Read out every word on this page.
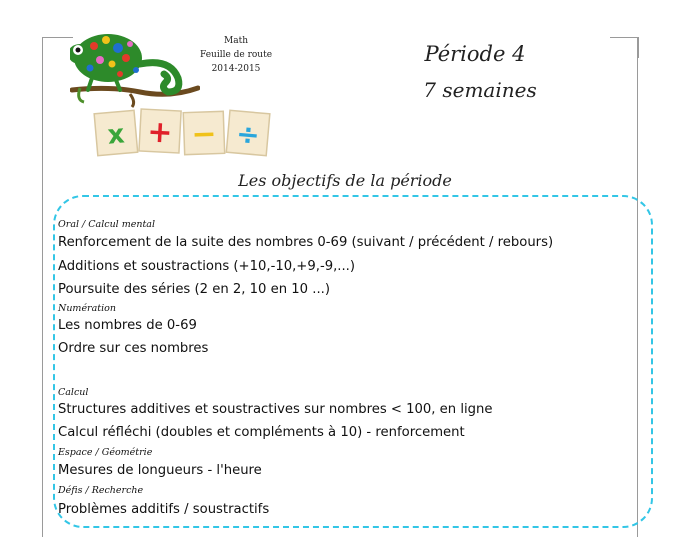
Math
Feuille de route
2014-2015
Période 4
7 semaines
x + − ÷
Les objectifs de la période
Oral / Calcul mental
Renforcement de la suite des nombres 0-69 (suivant / précédent / rebours)
Additions et soustractions (+10,-10,+9,-9,...)
Poursuite des séries (2 en 2, 10 en 10 ...)
Numération
Les nombres de 0-69
Ordre sur ces nombres
Calcul
Structures additives et soustractives sur nombres < 100, en ligne
Calcul réfléchi (doubles et compléments à 10) - renforcement
Espace / Géométrie
Mesures de longueurs - l'heure
Défis / Recherche
Problèmes additifs / soustractifs
